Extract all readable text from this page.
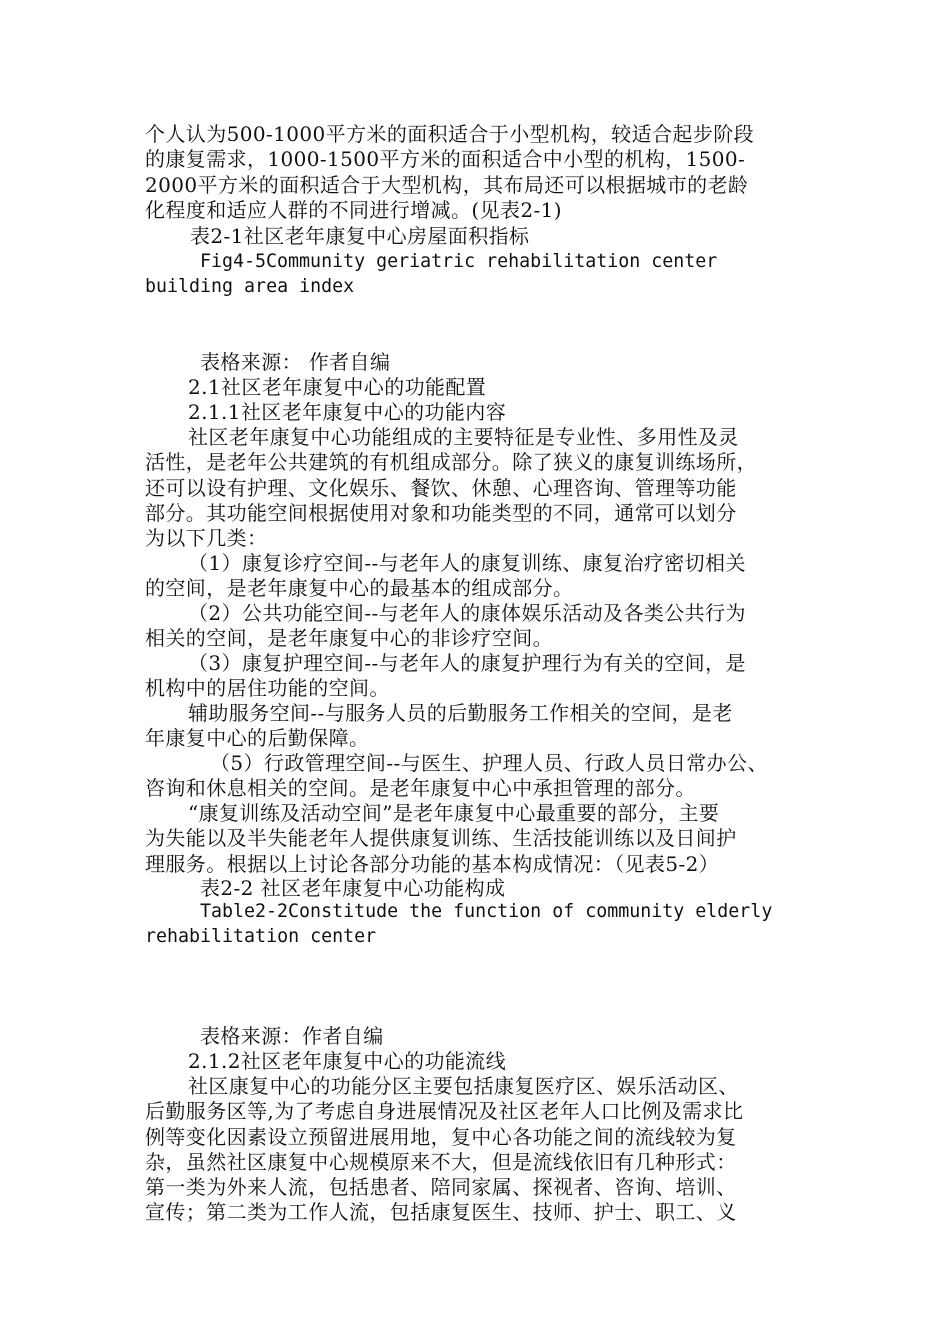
个人认为500-1000平方米的面积适合于小型机构，较适合起步阶段
的康复需求，1000-1500平方米的面积适合中小型的机构，1500-
2000平方米的面积适合于大型机构，其布局还可以根据城市的老龄
化程度和适应人群的不同进行增减。(见表2-1)
表2-1社区老年康复中心房屋面积指标
Fig4-5Community geriatric rehabilitation center
building area index
表格来源： 作者自编
2.1社区老年康复中心的功能配置
2.1.1社区老年康复中心的功能内容
社区老年康复中心功能组成的主要特征是专业性、多用性及灵
活性，是老年公共建筑的有机组成部分。除了狭义的康复训练场所，
还可以设有护理、文化娱乐、餐饮、休憩、心理咨询、管理等功能
部分。其功能空间根据使用对象和功能类型的不同，通常可以划分
为以下几类：
（1）康复诊疗空间--与老年人的康复训练、康复治疗密切相关
的空间，是老年康复中心的最基本的组成部分。
（2）公共功能空间--与老年人的康体娱乐活动及各类公共行为
相关的空间，是老年康复中心的非诊疗空间。
（3）康复护理空间--与老年人的康复护理行为有关的空间，是
机构中的居住功能的空间。
辅助服务空间--与服务人员的后勤服务工作相关的空间，是老
年康复中心的后勤保障。
（5）行政管理空间--与医生、护理人员、行政人员日常办公、
咨询和休息相关的空间。是老年康复中心中承担管理的部分。
“康复训练及活动空间”是老年康复中心最重要的部分，主要
为失能以及半失能老年人提供康复训练、生活技能训练以及日间护
理服务。根据以上讨论各部分功能的基本构成情况：（见表5-2）
表2-2 社区老年康复中心功能构成
Table2-2Constitude the function of community elderly
rehabilitation center
表格来源：作者自编
2.1.2社区老年康复中心的功能流线
社区康复中心的功能分区主要包括康复医疗区、娱乐活动区、
后勤服务区等,为了考虑自身进展情况及社区老年人口比例及需求比
例等变化因素设立预留进展用地，复中心各功能之间的流线较为复
杂，虽然社区康复中心规模原来不大，但是流线依旧有几种形式：
第一类为外来人流，包括患者、陪同家属、探视者、咨询、培训、
宣传；第二类为工作人流，包括康复医生、技师、护士、职工、义
